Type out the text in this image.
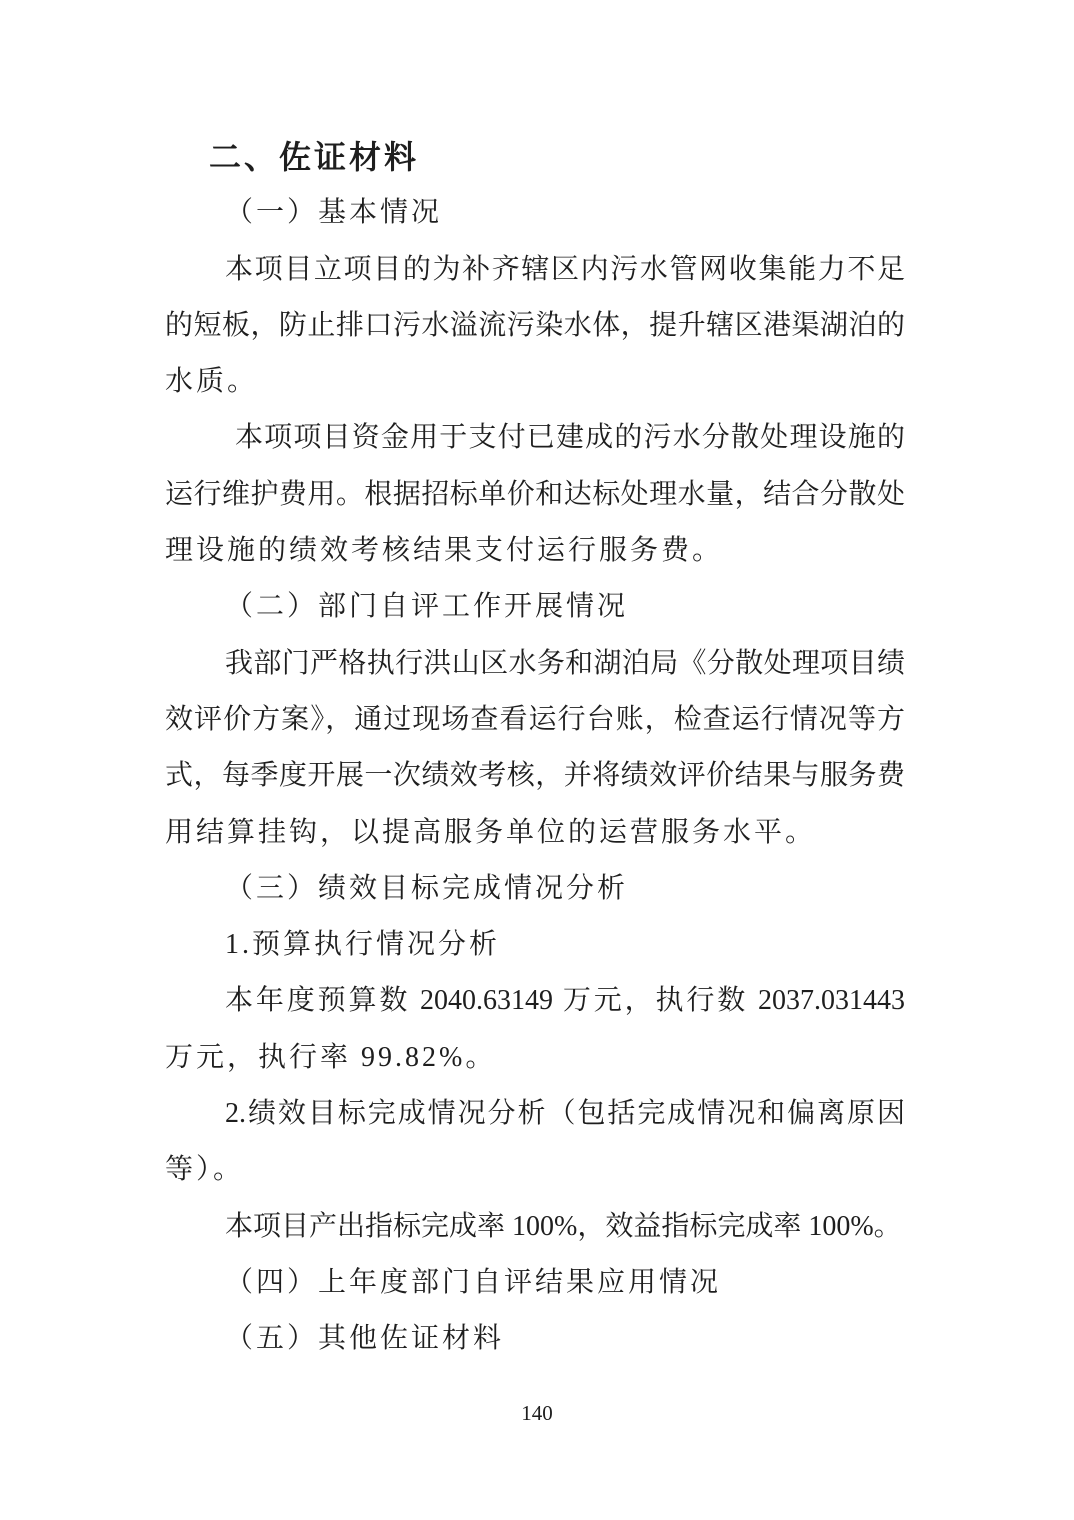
二、佐证材料
（一）基本情况
本项目立项目的为补齐辖区内污水管网收集能力不足
的短板，防止排口污水溢流污染水体，提升辖区港渠湖泊的
水质。
本项项目资金用于支付已建成的污水分散处理设施的
运行维护费用。根据招标单价和达标处理水量，结合分散处
理设施的绩效考核结果支付运行服务费。
（二）部门自评工作开展情况
我部门严格执行洪山区水务和湖泊局《分散处理项目绩
效评价方案》，通过现场查看运行台账，检查运行情况等方
式，每季度开展一次绩效考核，并将绩效评价结果与服务费
用结算挂钩，以提高服务单位的运营服务水平。
（三）绩效目标完成情况分析
1.预算执行情况分析
本年度预算数 2040.63149 万元，执行数 2037.031443
万元，执行率 99.82%。
2.绩效目标完成情况分析（包括完成情况和偏离原因
等）。
本项目产出指标完成率 100%，效益指标完成率 100%。
（四）上年度部门自评结果应用情况
（五）其他佐证材料
140
